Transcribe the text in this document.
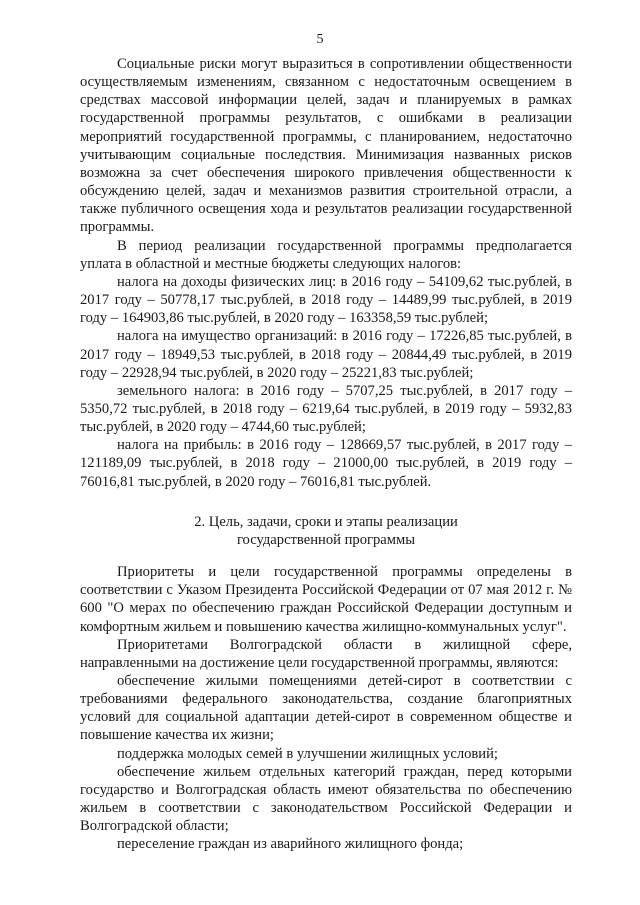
5

Социальные риски могут выразиться в сопротивлении общественности осуществляемым изменениям, связанном с недостаточным освещением в средствах массовой информации целей, задач и планируемых в рамках государственной программы результатов, с ошибками в реализации мероприятий государственной программы, с планированием, недостаточно учитывающим социальные последствия. Минимизация названных рисков возможна за счет обеспечения широкого привлечения общественности к обсуждению целей, задач и механизмов развития строительной отрасли, а также публичного освещения хода и результатов реализации государственной программы.

В период реализации государственной программы предполагается уплата в областной и местные бюджеты следующих налогов:

налога на доходы физических лиц: в 2016 году – 54109,62 тыс.рублей, в 2017 году – 50778,17 тыс.рублей, в 2018 году – 14489,99 тыс.рублей, в 2019 году – 164903,86 тыс.рублей, в 2020 году – 163358,59 тыс.рублей;

налога на имущество организаций: в 2016 году – 17226,85 тыс.рублей, в 2017 году – 18949,53 тыс.рублей, в 2018 году – 20844,49 тыс.рублей, в 2019 году – 22928,94 тыс.рублей, в 2020 году – 25221,83 тыс.рублей;

земельного налога: в 2016 году – 5707,25 тыс.рублей, в 2017 году – 5350,72 тыс.рублей, в 2018 году – 6219,64 тыс.рублей, в 2019 году – 5932,83 тыс.рублей, в 2020 году – 4744,60 тыс.рублей;

налога на прибыль: в 2016 году – 128669,57 тыс.рублей, в 2017 году – 121189,09 тыс.рублей, в 2018 году – 21000,00 тыс.рублей, в 2019 году – 76016,81 тыс.рублей, в 2020 году – 76016,81 тыс.рублей.

2. Цель, задачи, сроки и этапы реализации

государственной программы

Приоритеты и цели государственной программы определены в соответствии с Указом Президента Российской Федерации от 07 мая 2012 г. № 600 "О мерах по обеспечению граждан Российской Федерации доступным и комфортным жильем и повышению качества жилищно-коммунальных услуг".

Приоритетами Волгоградской области в жилищной сфере, направленными на достижение цели государственной программы, являются:

обеспечение жилыми помещениями детей-сирот в соответствии с требованиями федерального законодательства, создание благоприятных условий для социальной адаптации детей-сирот в современном обществе и повышение качества их жизни;

поддержка молодых семей в улучшении жилищных условий;

обеспечение жильем отдельных категорий граждан, перед которыми государство и Волгоградская область имеют обязательства по обеспечению жильем в соответствии с законодательством Российской Федерации и Волгоградской области;

переселение граждан из аварийного жилищного фонда;
